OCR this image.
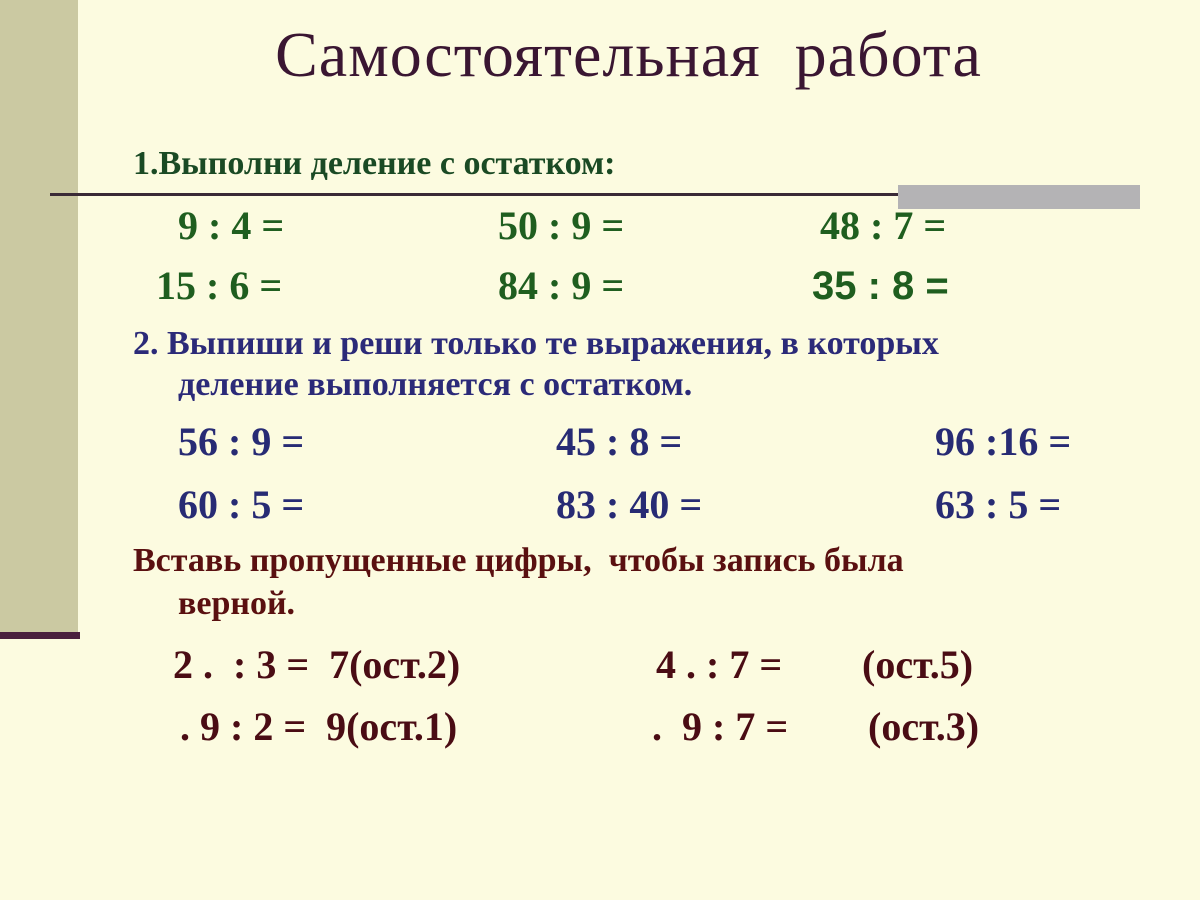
Самостоятельная  работа
1.Выполни деление с остатком:
9 : 4 =	50 : 9 =	48 : 7 =
15 : 6 =	84 : 9 =	35 : 8 =
2. Выпиши и реши только те выражения, в которых
деление выполняется с остатком.
56 : 9 =	45 : 8 =	96 :16 =
60 : 5 =	83 : 40 =	63 : 5 =
Вставь пропущенные цифры,  чтобы запись была
верной.
2 .  : 3 =  7(ост.2)	4 . : 7 = (ост.5)
. 9 : 2 =  9(ост.1)	.  9 : 7 = (ост.3)
